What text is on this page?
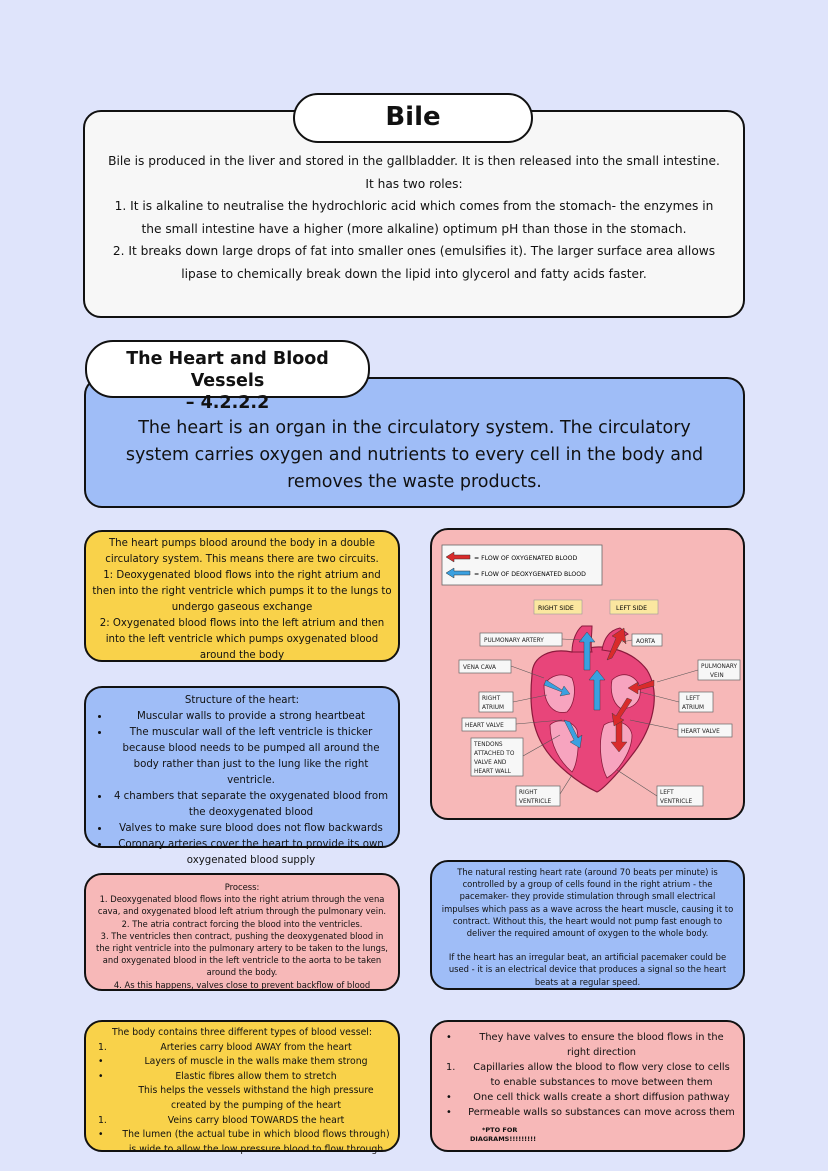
Bile is produced in the liver and stored in the gallbladder. It is then released into the small intestine. It has two roles:

1. It is alkaline to neutralise the hydrochloric acid which comes from the stomach- the enzymes in the small intestine have a higher (more alkaline) optimum pH than those in the stomach.

2. It breaks down large drops of fat into smaller ones (emulsifies it). The larger surface area allows lipase to chemically break down the lipid into glycerol and fatty acids faster.

Bile

The heart is an organ in the circulatory system. The circulatory system carries oxygen and nutrients to every cell in the body and removes the waste products.

The Heart and Blood Vessels
– 4.2.2.2

The heart pumps blood around the body in a double circulatory system. This means there are two circuits.

1: Deoxygenated blood flows into the right atrium and then into the right ventricle which pumps it to the lungs to undergo gaseous exchange

2: Oxygenated blood flows into the left atrium and then into the left ventricle which pumps oxygenated blood around the body

Structure of the heart:

• Muscular walls to provide a strong heartbeat
• The muscular wall of the left ventricle is thicker because blood needs to be pumped all around the body rather than just to the lung like the right ventricle.
• 4 chambers that separate the oxygenated blood from the deoxygenated blood
• Valves to make sure blood does not flow backwards
• Coronary arteries cover the heart to provide its own oxygenated blood supply
= FLOW OF OXYGENATED BLOOD
= FLOW OF DEOXYGENATED BLOOD
RIGHT SIDE	LEFT SIDE
PULMONARY ARTERY	AORTA
VENA CAVA	PULMONARY
VEIN
RIGHT
ATRIUM
LEFT
ATRIUM
HEART VALVE
HEART VALVE
TENDONS
ATTACHED TO
VALVE AND
HEART WALL
RIGHT
VENTRICLE
LEFT
VENTRICLE

Process:

1. Deoxygenated blood flows into the right atrium through the vena cava, and oxygenated blood left atrium through the pulmonary vein.

2. The atria contract forcing the blood into the ventricles.

3. The ventricles then contract, pushing the deoxygenated blood in the right ventricle into the pulmonary artery to be taken to the lungs, and oxygenated blood in the left ventricle to the aorta to be taken around the body.

4. As this happens, valves close to prevent backflow of blood

The natural resting heart rate (around 70 beats per minute) is controlled by a group of cells found in the right atrium - the pacemaker- they provide stimulation through small electrical impulses which pass as a wave across the heart muscle, causing it to contract. Without this, the heart would not pump fast enough to deliver the required amount of oxygen to the whole body.

If the heart has an irregular beat, an artificial pacemaker could be used - it is an electrical device that produces a signal so the heart beats at a regular speed.

The body contains three different types of blood vessel:

1.	Arteries carry blood AWAY from the heart
•	Layers of muscle in the walls make them strong
•	Elastic fibres allow them to stretch
This helps the vessels withstand the high pressure created by the pumping of the heart
1.	Veins carry blood TOWARDS the heart
•	The lumen (the actual tube in which blood flows through) is wide to allow the low pressure blood to flow through
•	They have valves to ensure the blood flows in the right direction
1.	Capillaries allow the blood to flow very close to cells to enable substances to move between them
•	One cell thick walls create a short diffusion pathway
•	Permeable walls so substances can move across them
*PTO FOR
DIAGRAMS!!!!!!!!!
